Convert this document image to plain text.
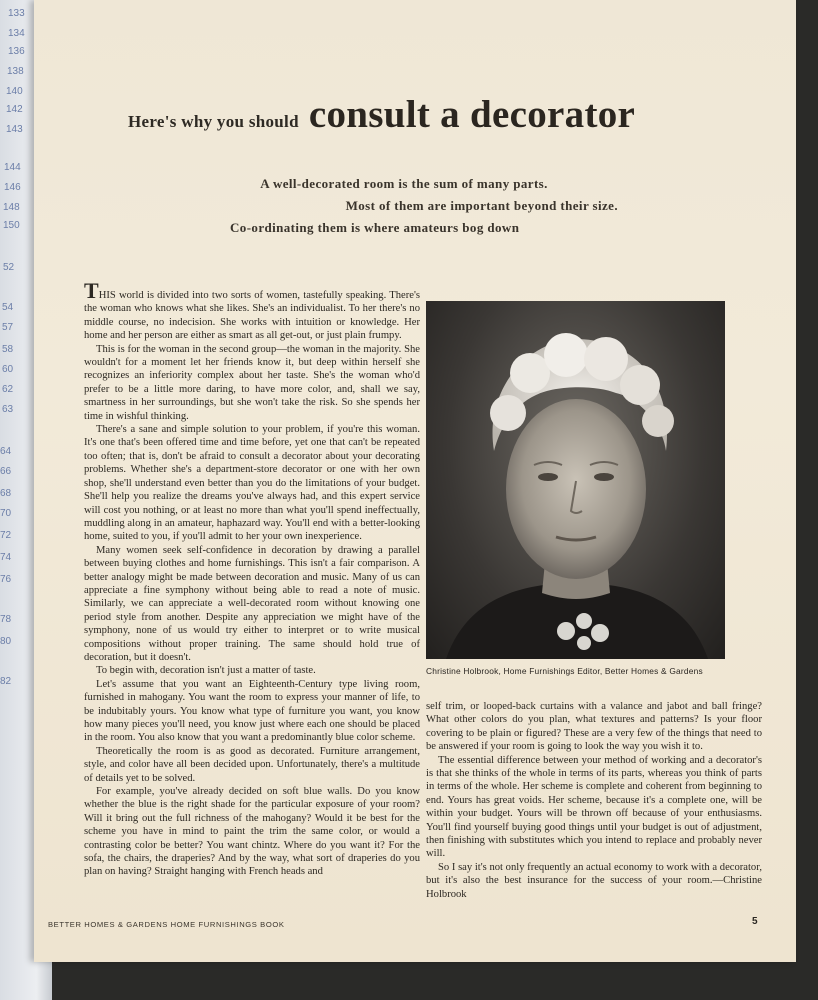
133
134
136
138
140
142
143
144
146
148
150
52
54
57
58
60
62
63
64
66
68
70
72
74
76
78
80
82
Here's why you should consult a decorator
A well-decorated room is the sum of many parts.
Most of them are important beyond their size.
Co-ordinating them is where amateurs bog down

THIS world is divided into two sorts of women, tastefully speaking. There's the woman who knows what she likes. She's an individualist. To her there's no middle course, no indecision. She works with intuition or knowledge. Her home and her person are either as smart as all get-out, or just plain frumpy.

This is for the woman in the second group—the woman in the majority. She wouldn't for a moment let her friends know it, but deep within herself she recognizes an inferiority complex about her taste. She's the woman who'd prefer to be a little more daring, to have more color, and, shall we say, smartness in her surroundings, but she won't take the risk. So she spends her time in wishful thinking.

There's a sane and simple solution to your problem, if you're this woman. It's one that's been offered time and time before, yet one that can't be repeated too often; that is, don't be afraid to consult a decorator about your decorating problems. Whether she's a department-store decorator or one with her own shop, she'll understand even better than you do the limitations of your budget. She'll help you realize the dreams you've always had, and this expert service will cost you nothing, or at least no more than what you'll spend ineffectually, muddling along in an amateur, haphazard way. You'll end with a better-looking home, suited to you, if you'll admit to her your own inexperience.

Many women seek self-confidence in decoration by drawing a parallel between buying clothes and home furnishings. This isn't a fair comparison. A better analogy might be made between decoration and music. Many of us can appreciate a fine symphony without being able to read a note of music. Similarly, we can appreciate a well-decorated room without knowing one period style from another. Despite any appreciation we might have of the symphony, none of us would try either to interpret or to write musical compositions without proper training. The same should hold true of decoration, but it doesn't.

To begin with, decoration isn't just a matter of taste.

Let's assume that you want an Eighteenth-Century type living room, furnished in mahogany. You want the room to express your manner of life, to be indubitably yours. You know what type of furniture you want, you know how many pieces you'll need, you know just where each one should be placed in the room. You also know that you want a predominantly blue color scheme.

Theoretically the room is as good as decorated. Furniture arrangement, style, and color have all been decided upon. Unfortunately, there's a multitude of details yet to be solved.

For example, you've already decided on soft blue walls. Do you know whether the blue is the right shade for the particular exposure of your room? Will it bring out the full richness of the mahogany? Would it be best for the scheme you have in mind to paint the trim the same color, or would a contrasting color be better? You want chintz. Where do you want it? For the sofa, the chairs, the draperies? And by the way, what sort of draperies do you plan on having? Straight hanging with French heads and

Christine Holbrook, Home Furnishings Editor, Better Homes & Gardens

self trim, or looped-back curtains with a valance and jabot and ball fringe? What other colors do you plan, what textures and patterns? Is your floor covering to be plain or figured? These are a very few of the things that need to be answered if your room is going to look the way you wish it to.

The essential difference between your method of working and a decorator's is that she thinks of the whole in terms of its parts, whereas you think of parts in terms of the whole. Her scheme is complete and coherent from beginning to end. Yours has great voids. Her scheme, because it's a complete one, will be within your budget. Yours will be thrown off because of your enthusiasms. You'll find yourself buying good things until your budget is out of adjustment, then finishing with substitutes which you intend to replace and probably never will.

So I say it's not only frequently an actual economy to work with a decorator, but it's also the best insurance for the success of your room.—Christine Holbrook

BETTER HOMES & GARDENS HOME FURNISHINGS BOOK	5
